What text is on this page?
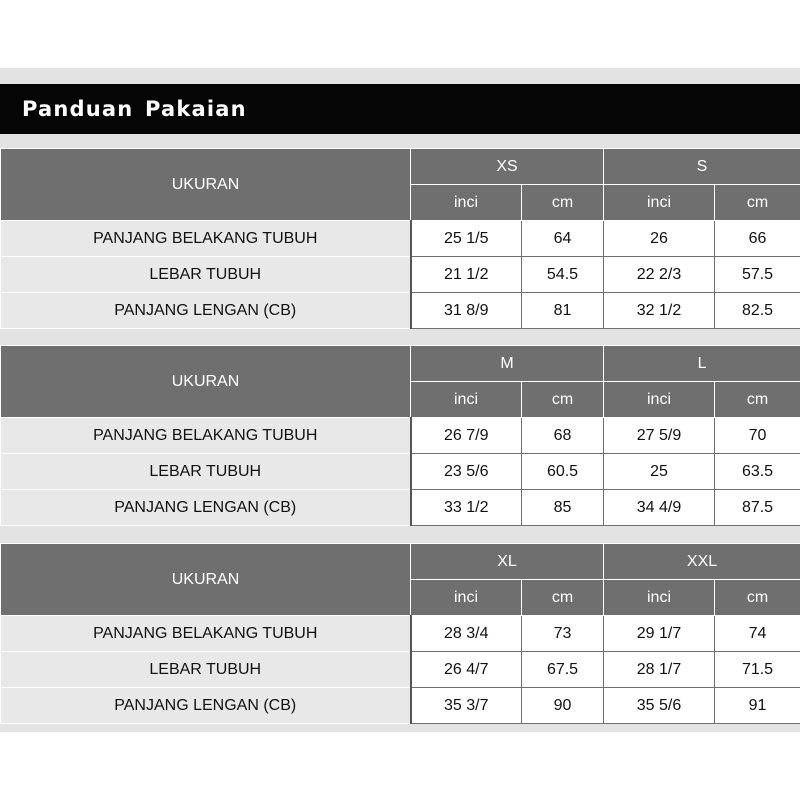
Panduan Pakaian
UKURAN	XS		S	
	inci	cm	inci	cm
PANJANG BELAKANG TUBUH	25 1/5	64	26	66
LEBAR TUBUH	21 1/2	54.5	22 2/3	57.5
PANJANG LENGAN (CB)	31 8/9	81	32 1/2	82.5
UKURAN	M		L	
	inci	cm	inci	cm
PANJANG BELAKANG TUBUH	26 7/9	68	27 5/9	70
LEBAR TUBUH	23 5/6	60.5	25	63.5
PANJANG LENGAN (CB)	33 1/2	85	34 4/9	87.5
UKURAN	XL		XXL	
	inci	cm	inci	cm
PANJANG BELAKANG TUBUH	28 3/4	73	29 1/7	74
LEBAR TUBUH	26 4/7	67.5	28 1/7	71.5
PANJANG LENGAN (CB)	35 3/7	90	35 5/6	91
